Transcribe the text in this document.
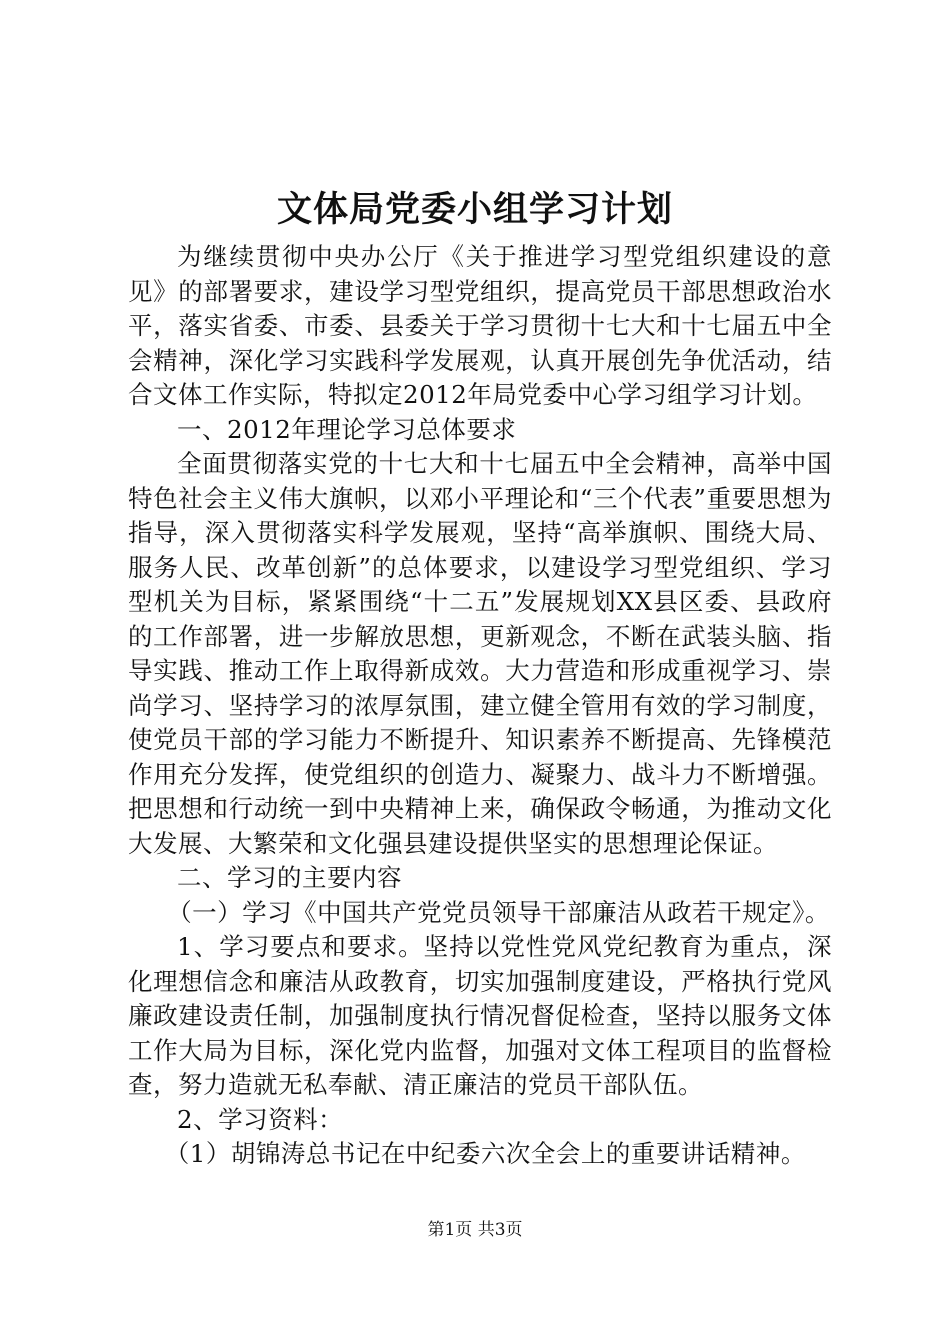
文体局党委小组学习计划

为继续贯彻中央办公厅《关于推进学习型党组织建设的意见》的部署要求，建设学习型党组织，提高党员干部思想政治水平，落实省委、市委、县委关于学习贯彻十七大和十七届五中全会精神，深化学习实践科学发展观，认真开展创先争优活动，结合文体工作实际，特拟定2012年局党委中心学习组学习计划。

一、2012年理论学习总体要求

全面贯彻落实党的十七大和十七届五中全会精神，高举中国特色社会主义伟大旗帜，以邓小平理论和“三个代表”重要思想为指导，深入贯彻落实科学发展观，坚持“高举旗帜、围绕大局、服务人民、改革创新”的总体要求，以建设学习型党组织、学习型机关为目标，紧紧围绕“十二五”发展规划XX县区委、县政府的工作部署，进一步解放思想，更新观念，不断在武装头脑、指导实践、推动工作上取得新成效。大力营造和形成重视学习、崇尚学习、坚持学习的浓厚氛围，建立健全管用有效的学习制度，使党员干部的学习能力不断提升、知识素养不断提高、先锋模范作用充分发挥，使党组织的创造力、凝聚力、战斗力不断增强。把思想和行动统一到中央精神上来，确保政令畅通，为推动文化大发展、大繁荣和文化强县建设提供坚实的思想理论保证。

二、学习的主要内容

（一）学习《中国共产党党员领导干部廉洁从政若干规定》。

1、学习要点和要求。坚持以党性党风党纪教育为重点，深化理想信念和廉洁从政教育，切实加强制度建设，严格执行党风廉政建设责任制，加强制度执行情况督促检查，坚持以服务文体工作大局为目标，深化党内监督，加强对文体工程项目的监督检查，努力造就无私奉献、清正廉洁的党员干部队伍。

2、学习资料：

（1）胡锦涛总书记在中纪委六次全会上的重要讲话精神。

第1页 共3页
